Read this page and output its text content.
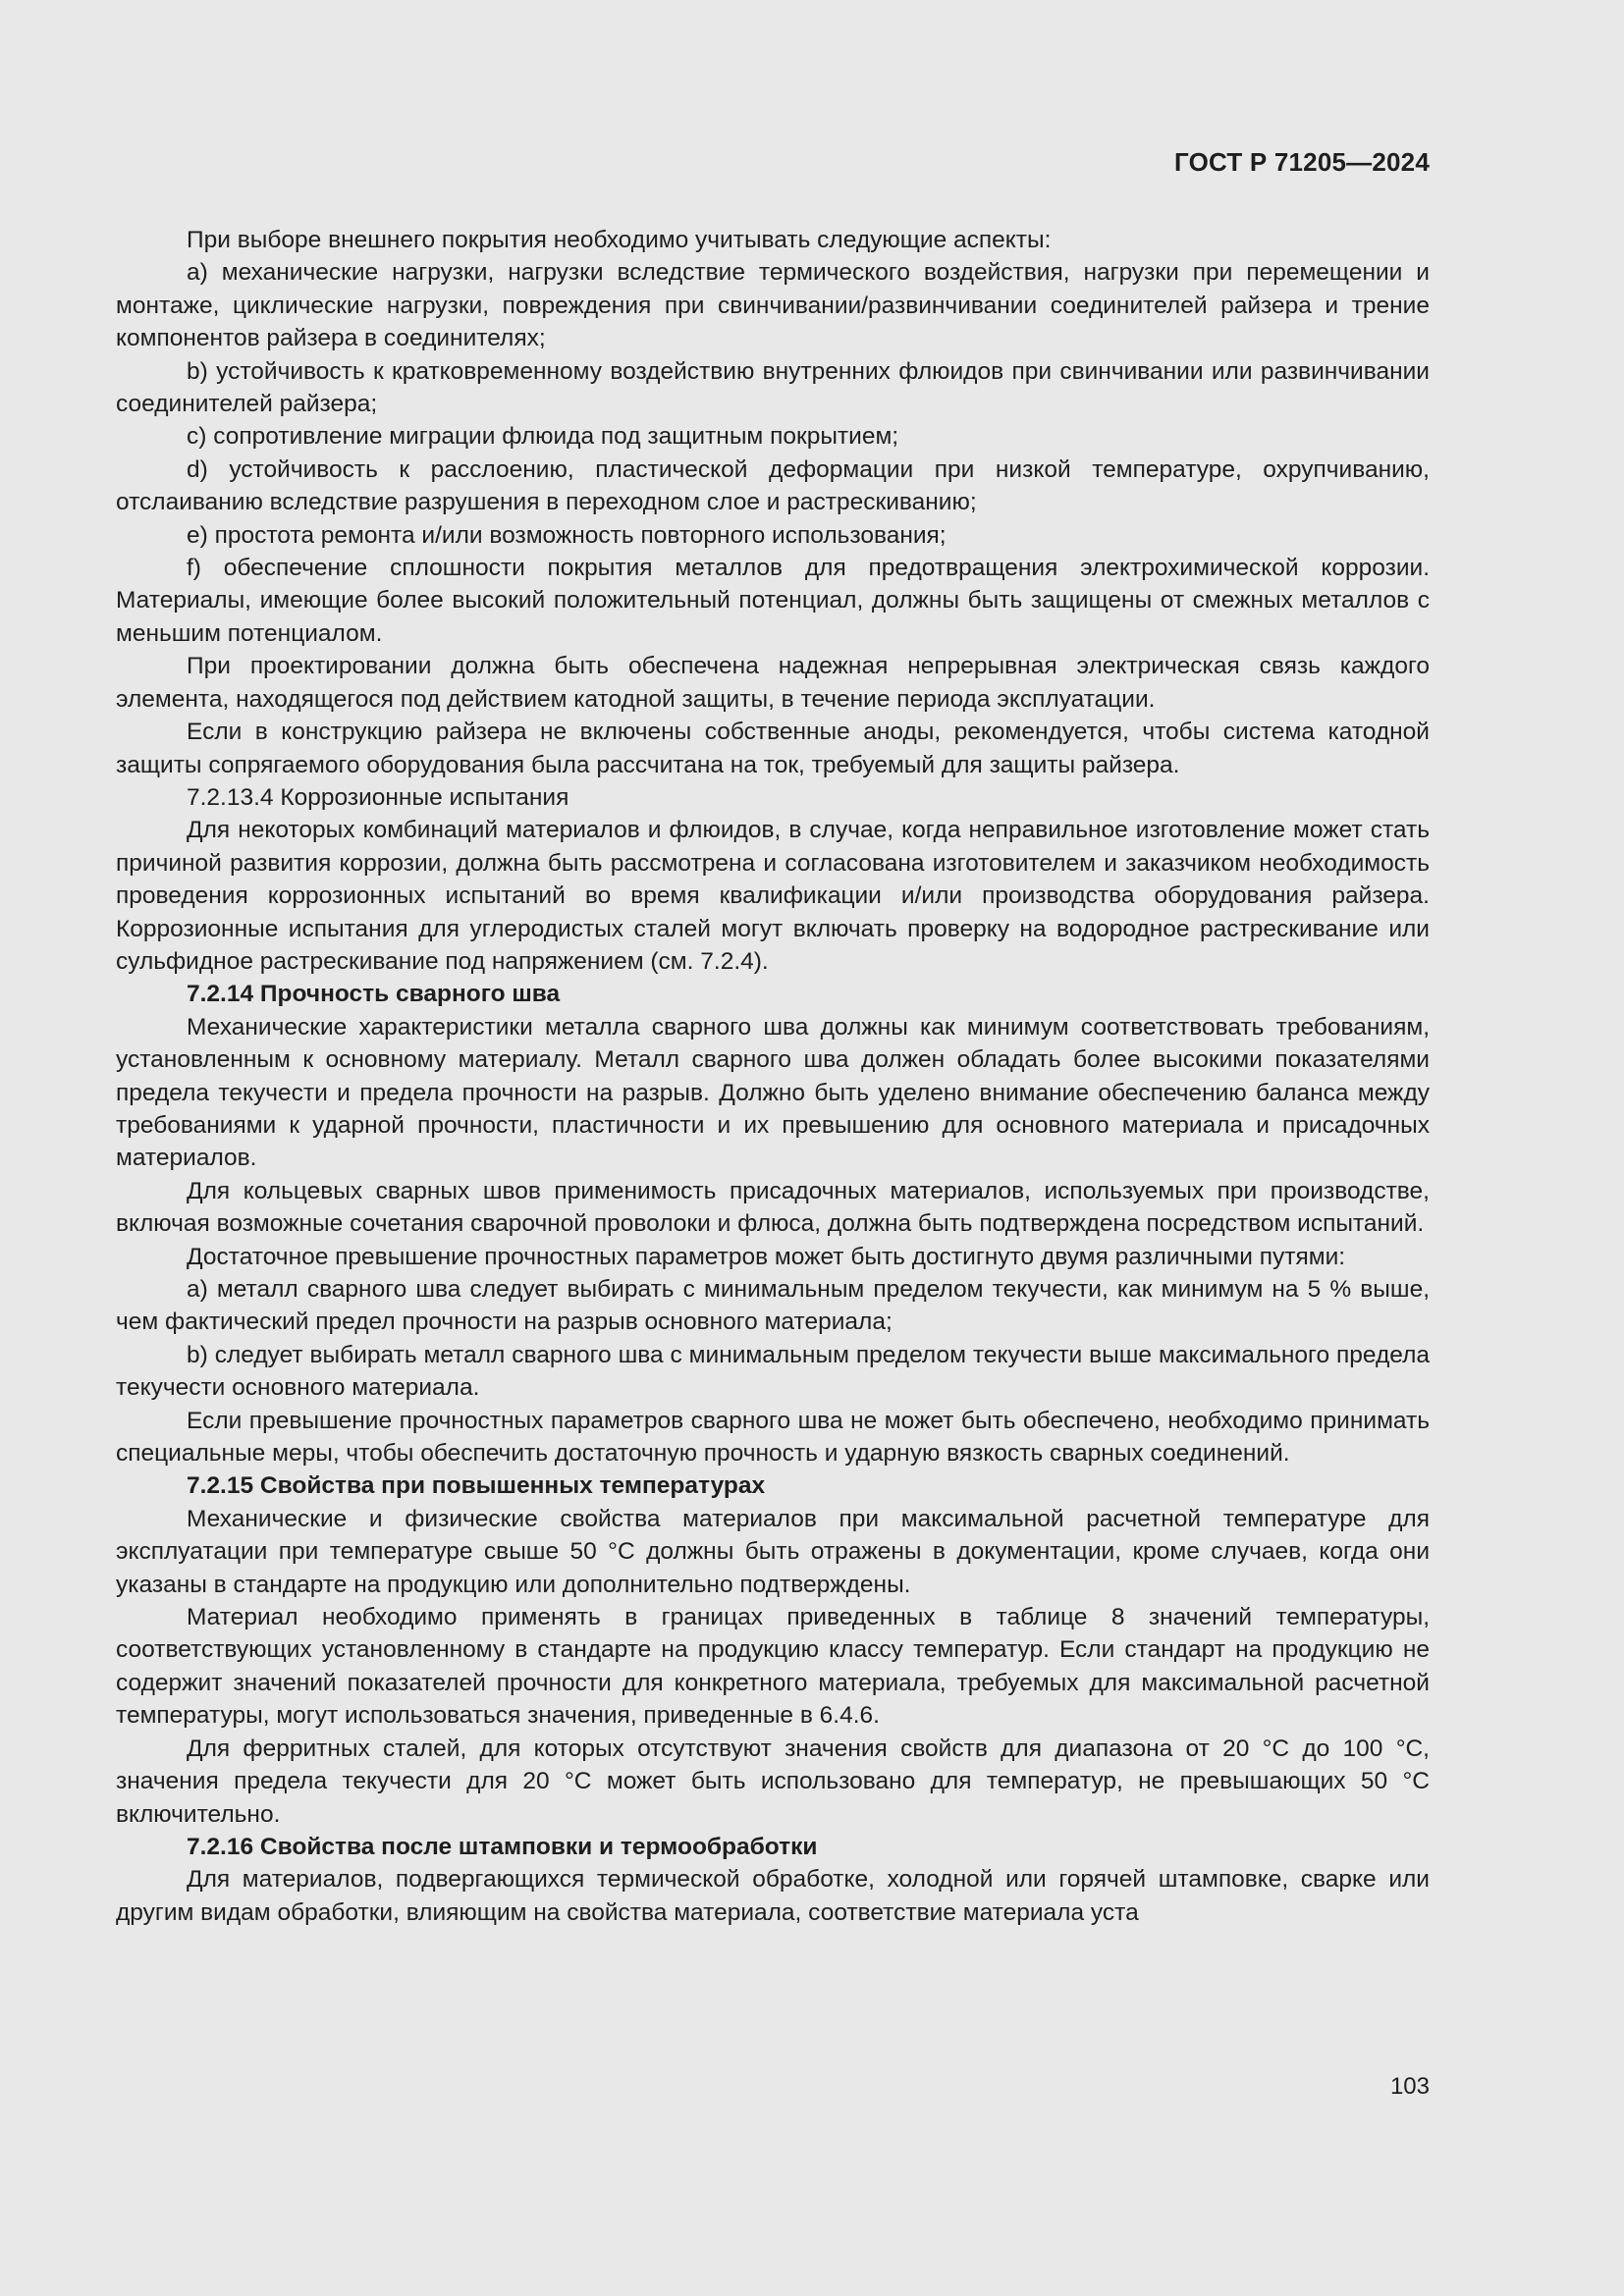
ГОСТ Р 71205—2024

При выборе внешнего покрытия необходимо учитывать следующие аспекты:

a) механические нагрузки, нагрузки вследствие термического воздействия, нагрузки при перемещении и монтаже, циклические нагрузки, повреждения при свинчивании/развинчивании соединителей райзера и трение компонентов райзера в соединителях;

b) устойчивость к кратковременному воздействию внутренних флюидов при свинчивании или развинчивании соединителей райзера;

c) сопротивление миграции флюида под защитным покрытием;

d) устойчивость к расслоению, пластической деформации при низкой температуре, охрупчиванию, отслаиванию вследствие разрушения в переходном слое и растрескиванию;

e) простота ремонта и/или возможность повторного использования;

f) обеспечение сплошности покрытия металлов для предотвращения электрохимической коррозии. Материалы, имеющие более высокий положительный потенциал, должны быть защищены от смежных металлов с меньшим потенциалом.

При проектировании должна быть обеспечена надежная непрерывная электрическая связь каждого элемента, находящегося под действием катодной защиты, в течение периода эксплуатации.

Если в конструкцию райзера не включены собственные аноды, рекомендуется, чтобы система катодной защиты сопрягаемого оборудования была рассчитана на ток, требуемый для защиты райзера.

7.2.13.4 Коррозионные испытания

Для некоторых комбинаций материалов и флюидов, в случае, когда неправильное изготовление может стать причиной развития коррозии, должна быть рассмотрена и согласована изготовителем и заказчиком необходимость проведения коррозионных испытаний во время квалификации и/или производства оборудования райзера. Коррозионные испытания для углеродистых сталей могут включать проверку на водородное растрескивание или сульфидное растрескивание под напряжением (см. 7.2.4).

7.2.14 Прочность сварного шва

Механические характеристики металла сварного шва должны как минимум соответствовать требованиям, установленным к основному материалу. Металл сварного шва должен обладать более высокими показателями предела текучести и предела прочности на разрыв. Должно быть уделено внимание обеспечению баланса между требованиями к ударной прочности, пластичности и их превышению для основного материала и присадочных материалов.

Для кольцевых сварных швов применимость присадочных материалов, используемых при производстве, включая возможные сочетания сварочной проволоки и флюса, должна быть подтверждена посредством испытаний.

Достаточное превышение прочностных параметров может быть достигнуто двумя различными путями:

a) металл сварного шва следует выбирать с минимальным пределом текучести, как минимум на 5 % выше, чем фактический предел прочности на разрыв основного материала;

b) следует выбирать металл сварного шва с минимальным пределом текучести выше максимального предела текучести основного материала.

Если превышение прочностных параметров сварного шва не может быть обеспечено, необходимо принимать специальные меры, чтобы обеспечить достаточную прочность и ударную вязкость сварных соединений.

7.2.15 Свойства при повышенных температурах

Механические и физические свойства материалов при максимальной расчетной температуре для эксплуатации при температуре свыше 50 °С должны быть отражены в документации, кроме случаев, когда они указаны в стандарте на продукцию или дополнительно подтверждены.

Материал необходимо применять в границах приведенных в таблице 8 значений температуры, соответствующих установленному в стандарте на продукцию классу температур. Если стандарт на продукцию не содержит значений показателей прочности для конкретного материала, требуемых для максимальной расчетной температуры, могут использоваться значения, приведенные в 6.4.6.

Для ферритных сталей, для которых отсутствуют значения свойств для диапазона от 20 °С до 100 °С, значения предела текучести для 20 °С может быть использовано для температур, не превышающих 50 °С включительно.

7.2.16 Свойства после штамповки и термообработки

Для материалов, подвергающихся термической обработке, холодной или горячей штамповке, сварке или другим видам обработки, влияющим на свойства материала, соответствие материала уста

103
